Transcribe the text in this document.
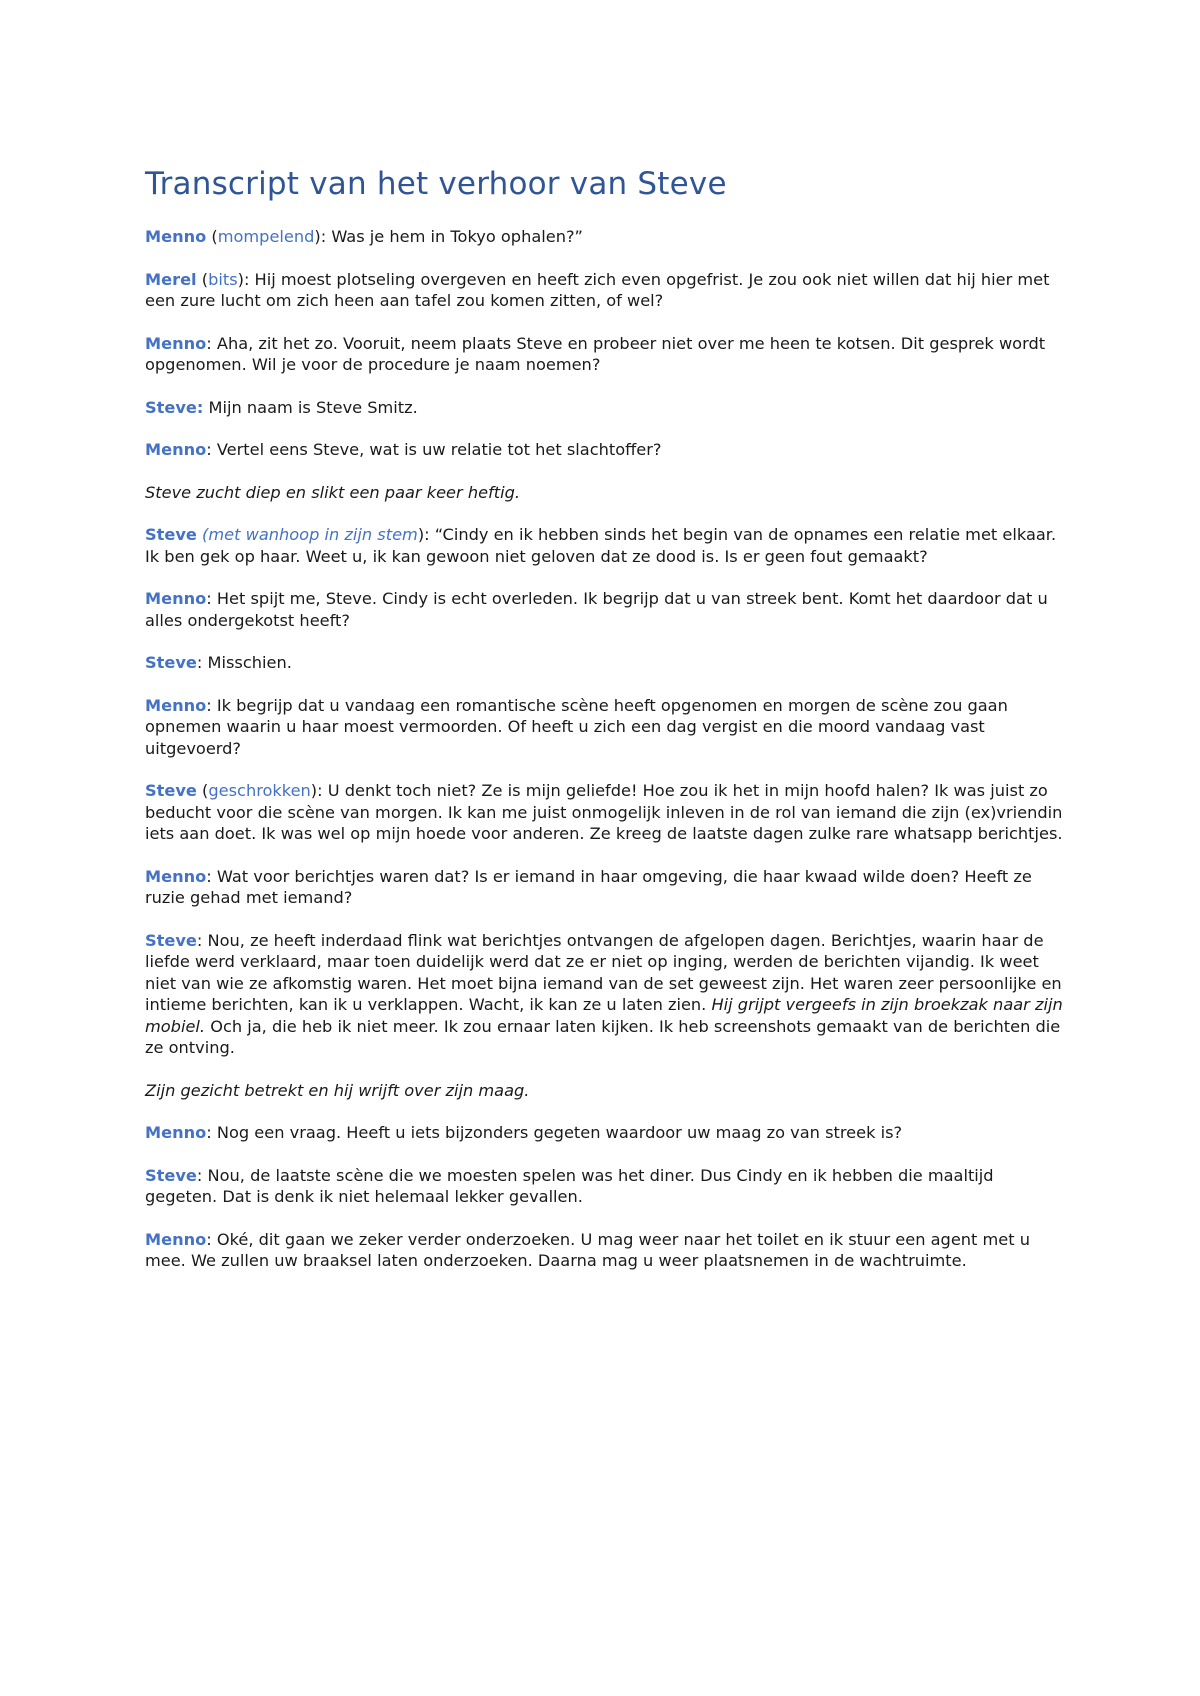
Transcript van het verhoor van Steve

Menno (mompelend): Was je hem in Tokyo ophalen?”

Merel (bits): Hij moest plotseling overgeven en heeft zich even opgefrist. Je zou ook niet willen dat hij hier met een zure lucht om zich heen aan tafel zou komen zitten, of wel?

Menno: Aha, zit het zo. Vooruit, neem plaats Steve en probeer niet over me heen te kotsen. Dit gesprek wordt opgenomen. Wil je voor de procedure je naam noemen?

Steve: Mijn naam is Steve Smitz.

Menno: Vertel eens Steve, wat is uw relatie tot het slachtoffer?

Steve zucht diep en slikt een paar keer heftig.

Steve (met wanhoop in zijn stem): “Cindy en ik hebben sinds het begin van de opnames een relatie met elkaar. Ik ben gek op haar. Weet u, ik kan gewoon niet geloven dat ze dood is. Is er geen fout gemaakt?

Menno: Het spijt me, Steve. Cindy is echt overleden. Ik begrijp dat u van streek bent. Komt het daardoor dat u alles ondergekotst heeft?

Steve: Misschien.

Menno: Ik begrijp dat u vandaag een romantische scène heeft opgenomen en morgen de scène zou gaan opnemen waarin u haar moest vermoorden. Of heeft u zich een dag vergist en die moord vandaag vast uitgevoerd?

Steve (geschrokken): U denkt toch niet? Ze is mijn geliefde! Hoe zou ik het in mijn hoofd halen? Ik was juist zo beducht voor die scène van morgen. Ik kan me juist onmogelijk inleven in de rol van iemand die zijn (ex)vriendin iets aan doet. Ik was wel op mijn hoede voor anderen. Ze kreeg de laatste dagen zulke rare whatsapp berichtjes.

Menno: Wat voor berichtjes waren dat? Is er iemand in haar omgeving, die haar kwaad wilde doen? Heeft ze ruzie gehad met iemand?

Steve: Nou, ze heeft inderdaad flink wat berichtjes ontvangen de afgelopen dagen. Berichtjes, waarin haar de liefde werd verklaard, maar toen duidelijk werd dat ze er niet op inging, werden de berichten vijandig. Ik weet niet van wie ze afkomstig waren. Het moet bijna iemand van de set geweest zijn. Het waren zeer persoonlijke en intieme berichten, kan ik u verklappen. Wacht, ik kan ze u laten zien. Hij grijpt vergeefs in zijn broekzak naar zijn mobiel. Och ja, die heb ik niet meer. Ik zou ernaar laten kijken. Ik heb screenshots gemaakt van de berichten die ze ontving.

Zijn gezicht betrekt en hij wrijft over zijn maag.

Menno: Nog een vraag. Heeft u iets bijzonders gegeten waardoor uw maag zo van streek is?

Steve: Nou, de laatste scène die we moesten spelen was het diner. Dus Cindy en ik hebben die maaltijd gegeten. Dat is denk ik niet helemaal lekker gevallen.

Menno: Oké, dit gaan we zeker verder onderzoeken. U mag weer naar het toilet en ik stuur een agent met u mee. We zullen uw braaksel laten onderzoeken. Daarna mag u weer plaatsnemen in de wachtruimte.
